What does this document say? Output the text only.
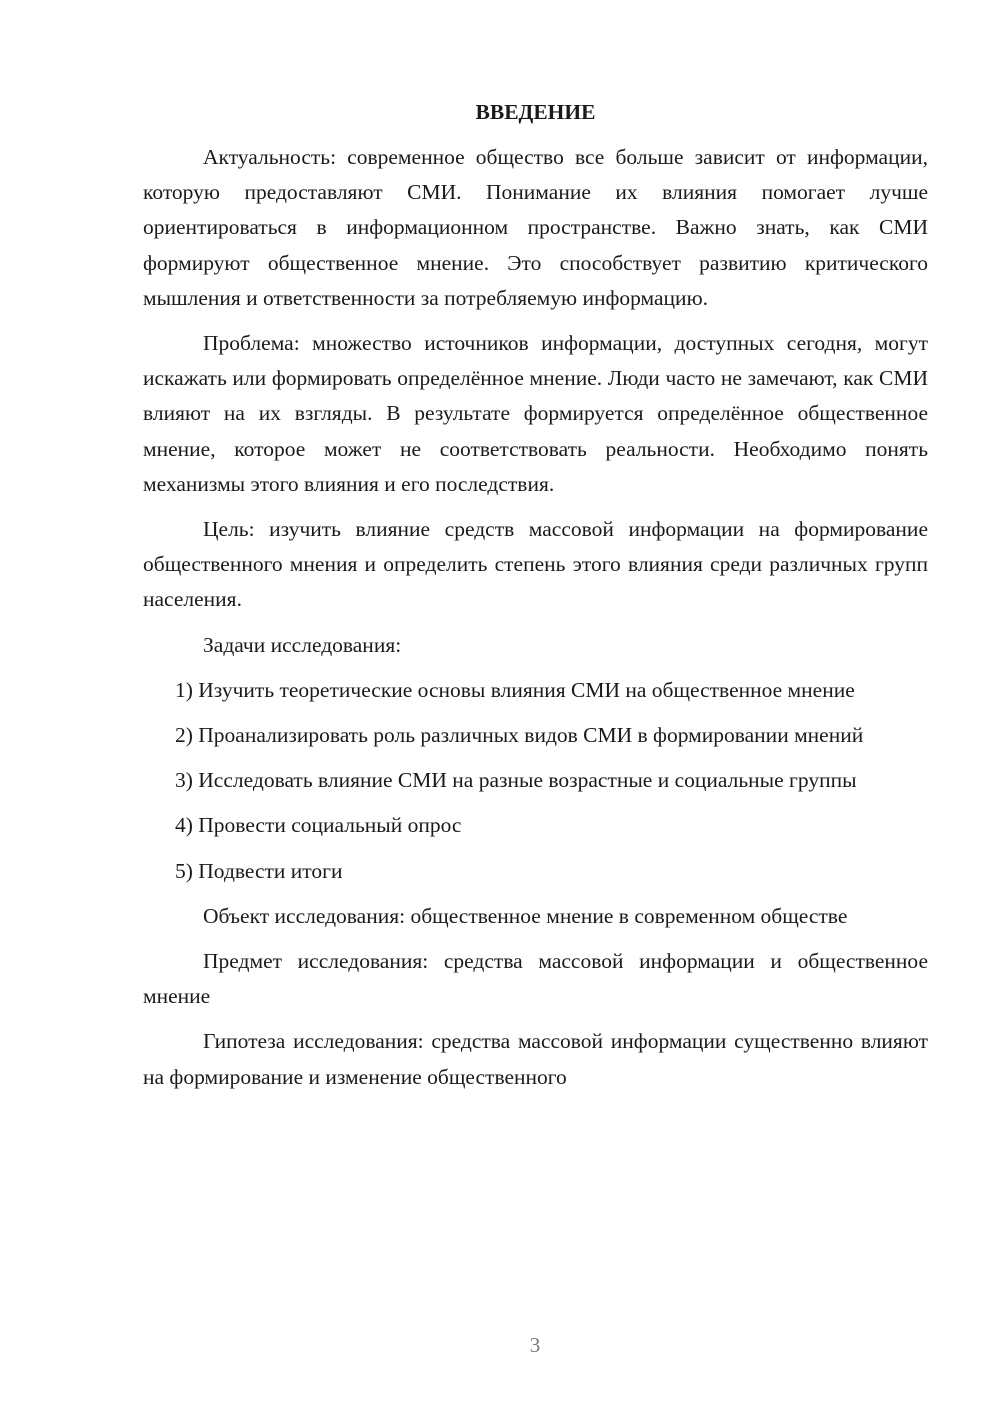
ВВЕДЕНИЕ

Актуальность: современное общество все больше зависит от информации, которую предоставляют СМИ. Понимание их влияния помогает лучше ориентироваться в информационном пространстве. Важно знать, как СМИ формируют общественное мнение. Это способствует развитию критического мышления и ответственности за потребляемую информацию.

Проблема: множество источников информации, доступных сегодня, могут искажать или формировать определённое мнение. Люди часто не замечают, как СМИ влияют на их взгляды. В результате формируется определённое общественное мнение, которое может не соответствовать реальности. Необходимо понять механизмы этого влияния и его последствия.

Цель: изучить влияние средств массовой информации на формирование общественного мнения и определить степень этого влияния среди различных групп населения.

Задачи исследования:

1) Изучить теоретические основы влияния СМИ на общественное мнение

2) Проанализировать роль различных видов СМИ в формировании мнений

3) Исследовать влияние СМИ на разные возрастные и социальные группы

4) Провести социальный опрос

5) Подвести итоги

Объект исследования: общественное мнение в современном обществе

Предмет исследования: средства массовой информации и общественное мнение

Гипотеза исследования: средства массовой информации существенно влияют на формирование и изменение общественного

3
